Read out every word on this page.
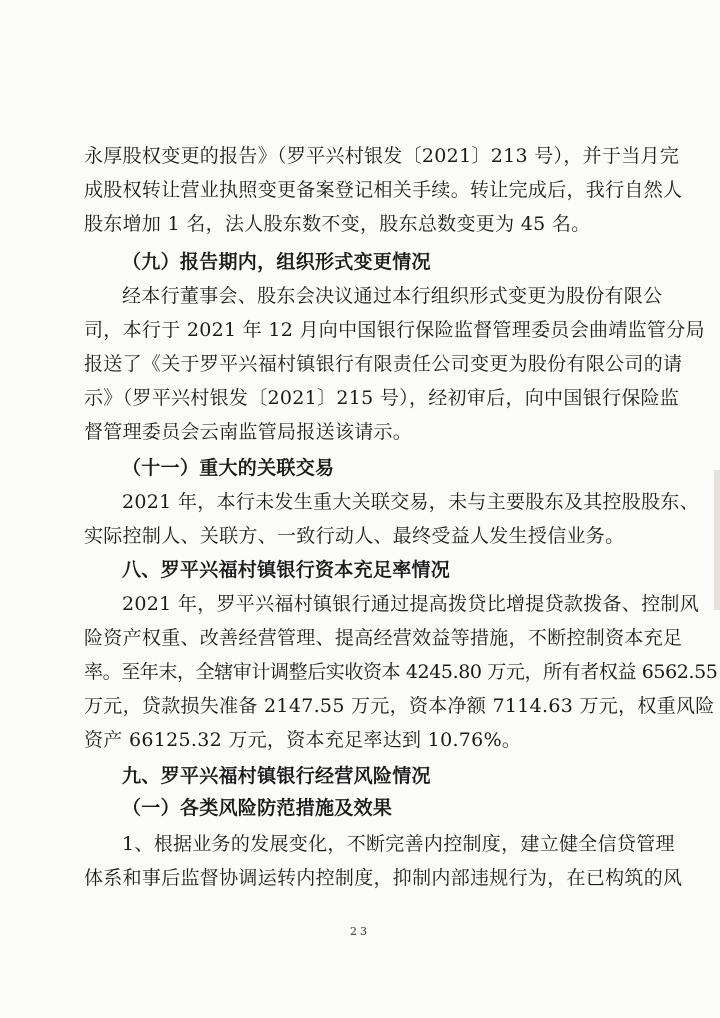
永厚股权变更的报告》（罗平兴村银发〔2021〕213 号），并于当月完
成股权转让营业执照变更备案登记相关手续。转让完成后，我行自然人
股东增加 1 名，法人股东数不变，股东总数变更为 45 名。
（九）报告期内，组织形式变更情况
经本行董事会、股东会决议通过本行组织形式变更为股份有限公
司，本行于 2021 年 12 月向中国银行保险监督管理委员会曲靖监管分局
报送了《关于罗平兴福村镇银行有限责任公司变更为股份有限公司的请
示》（罗平兴村银发〔2021〕215 号），经初审后，向中国银行保险监
督管理委员会云南监管局报送该请示。
（十一）重大的关联交易
2021 年，本行未发生重大关联交易，未与主要股东及其控股股东、
实际控制人、关联方、一致行动人、最终受益人发生授信业务。
八、罗平兴福村镇银行资本充足率情况
2021 年，罗平兴福村镇银行通过提高拨贷比增提贷款拨备、控制风
险资产权重、改善经营管理、提高经营效益等措施，不断控制资本充足
率。至年末，全辖审计调整后实收资本 4245.80 万元，所有者权益 6562.55
万元，贷款损失准备 2147.55 万元，资本净额 7114.63 万元，权重风险
资产 66125.32 万元，资本充足率达到 10.76%。
九、罗平兴福村镇银行经营风险情况
（一）各类风险防范措施及效果
1、根据业务的发展变化，不断完善内控制度，建立健全信贷管理
体系和事后监督协调运转内控制度，抑制内部违规行为，在已构筑的风
23
